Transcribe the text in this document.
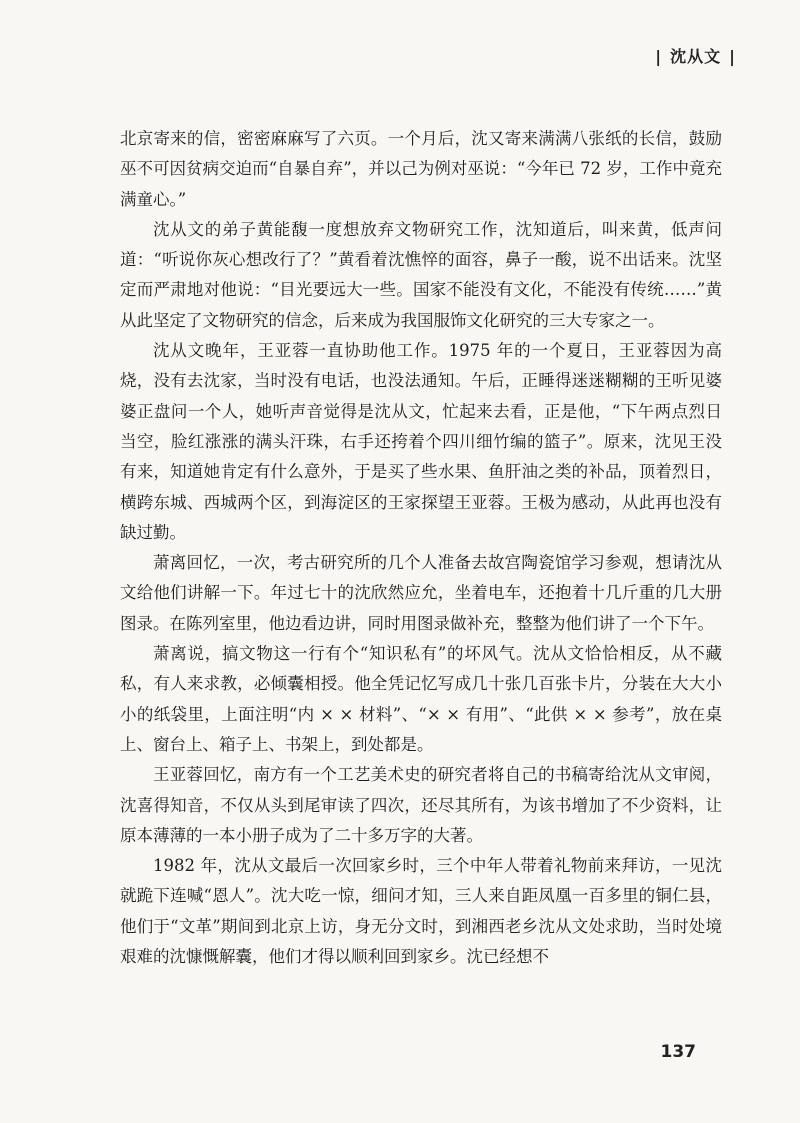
| 沈从文 |

北京寄来的信，密密麻麻写了六页。一个月后，沈又寄来满满八张纸的长信，鼓励巫不可因贫病交迫而“自暴自弃”，并以己为例对巫说：“今年已 72 岁，工作中竟充满童心。”

沈从文的弟子黄能馥一度想放弃文物研究工作，沈知道后，叫来黄，低声问道：“听说你灰心想改行了？”黄看着沈憔悴的面容，鼻子一酸，说不出话来。沈坚定而严肃地对他说：“目光要远大一些。国家不能没有文化，不能没有传统……”黄从此坚定了文物研究的信念，后来成为我国服饰文化研究的三大专家之一。

沈从文晚年，王亚蓉一直协助他工作。1975 年的一个夏日，王亚蓉因为高烧，没有去沈家，当时没有电话，也没法通知。午后，正睡得迷迷糊糊的王听见婆婆正盘问一个人，她听声音觉得是沈从文，忙起来去看，正是他，“下午两点烈日当空，脸红涨涨的满头汗珠，右手还挎着个四川细竹编的篮子”。原来，沈见王没有来，知道她肯定有什么意外，于是买了些水果、鱼肝油之类的补品，顶着烈日，横跨东城、西城两个区，到海淀区的王家探望王亚蓉。王极为感动，从此再也没有缺过勤。

萧离回忆，一次，考古研究所的几个人准备去故宫陶瓷馆学习参观，想请沈从文给他们讲解一下。年过七十的沈欣然应允，坐着电车，还抱着十几斤重的几大册图录。在陈列室里，他边看边讲，同时用图录做补充，整整为他们讲了一个下午。

萧离说，搞文物这一行有个“知识私有”的坏风气。沈从文恰恰相反，从不藏私，有人来求教，必倾囊相授。他全凭记忆写成几十张几百张卡片，分装在大大小小的纸袋里，上面注明“内 × × 材料”、“× × 有用”、“此供 × × 参考”，放在桌上、窗台上、箱子上、书架上，到处都是。

王亚蓉回忆，南方有一个工艺美术史的研究者将自己的书稿寄给沈从文审阅，沈喜得知音，不仅从头到尾审读了四次，还尽其所有，为该书增加了不少资料，让原本薄薄的一本小册子成为了二十多万字的大著。

1982 年，沈从文最后一次回家乡时，三个中年人带着礼物前来拜访，一见沈就跪下连喊“恩人”。沈大吃一惊，细问才知，三人来自距凤凰一百多里的铜仁县，他们于“文革”期间到北京上访，身无分文时，到湘西老乡沈从文处求助，当时处境艰难的沈慷慨解囊，他们才得以顺利回到家乡。沈已经想不

137
